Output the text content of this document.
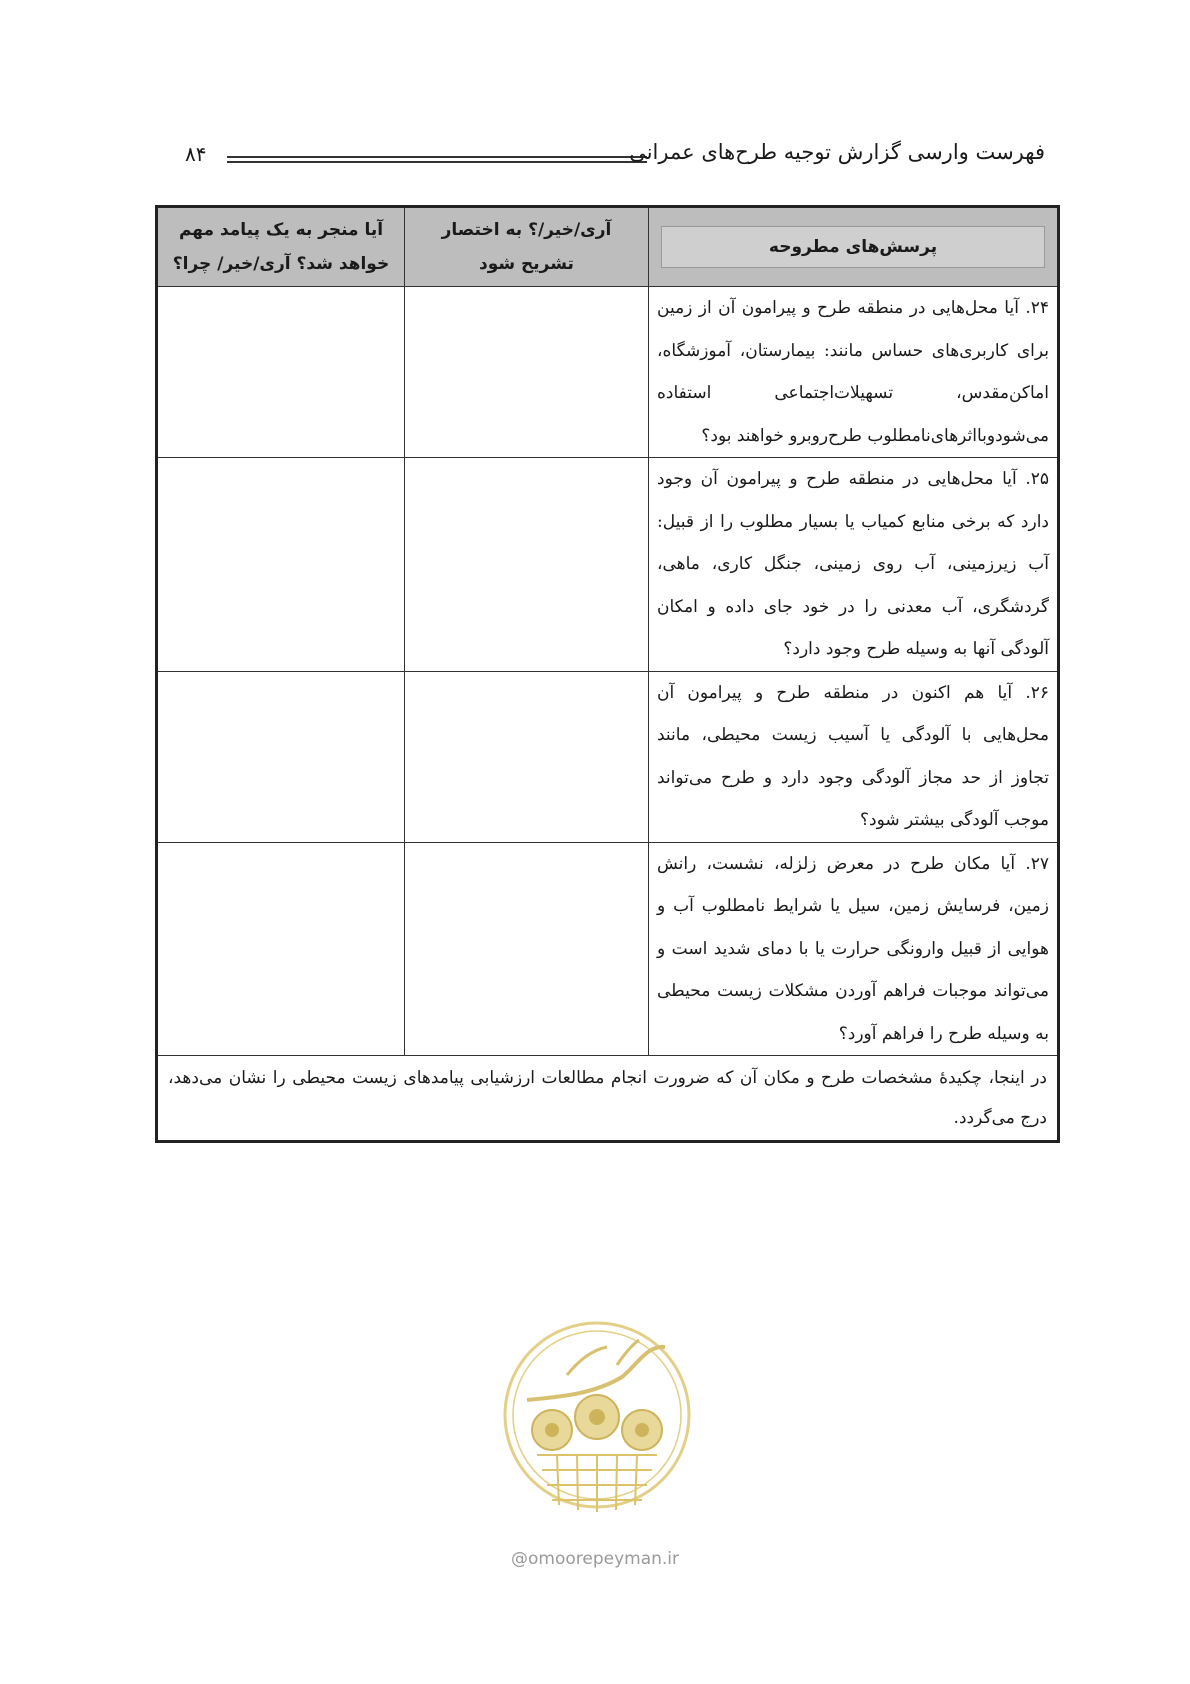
۸۴	فهرست وارسی گزارش توجیه طرح‌های عمرانی
پرسش‌های مطروحه	آری/خیر/؟ به اختصار تشریح شود	آیا منجر به یک پیامد مهم خواهد شد؟ آری/خیر/ چرا؟
۲۴. آیا محل‌هایی در منطقه طرح و پیرامون آن از زمین برای کاربری‌های حساس مانند: بیمارستان، آموزشگاه، اماکن‌مقدس، تسهیلات‌اجتماعی استفاده می‌شودوبااثرهای‌نامطلوب طرح‌روبرو خواهند بود؟		
۲۵. آیا محل‌هایی در منطقه طرح و پیرامون آن وجود دارد که برخی منابع کمیاب یا بسیار مطلوب را از قبیل: آب زیرزمینی، آب روی زمینی، جنگل کاری، ماهی، گردشگری، آب معدنی را در خود جای داده و امکان آلودگی آنها به وسیله طرح وجود دارد؟		
۲۶. آیا هم اکنون در منطقه طرح و پیرامون آن محل‌هایی با آلودگی یا آسیب زیست محیطی، مانند تجاوز از حد مجاز آلودگی وجود دارد و طرح می‌تواند موجب آلودگی بیشتر شود؟		
۲۷. آیا مکان طرح در معرض زلزله، نشست، رانش زمین، فرسایش زمین، سیل یا شرایط نامطلوب آب و هوایی از قبیل وارونگی حرارت یا با دمای شدید است و می‌تواند موجبات فراهم آوردن مشکلات زیست محیطی به وسیله طرح را فراهم آورد؟		
در اینجا، چکیدهٔ مشخصات طرح و مکان آن که ضرورت انجام مطالعات ارزشیابی پیامدهای زیست محیطی را نشان می‌دهد، درج می‌گردد.		
@omoorepeyman.ir
